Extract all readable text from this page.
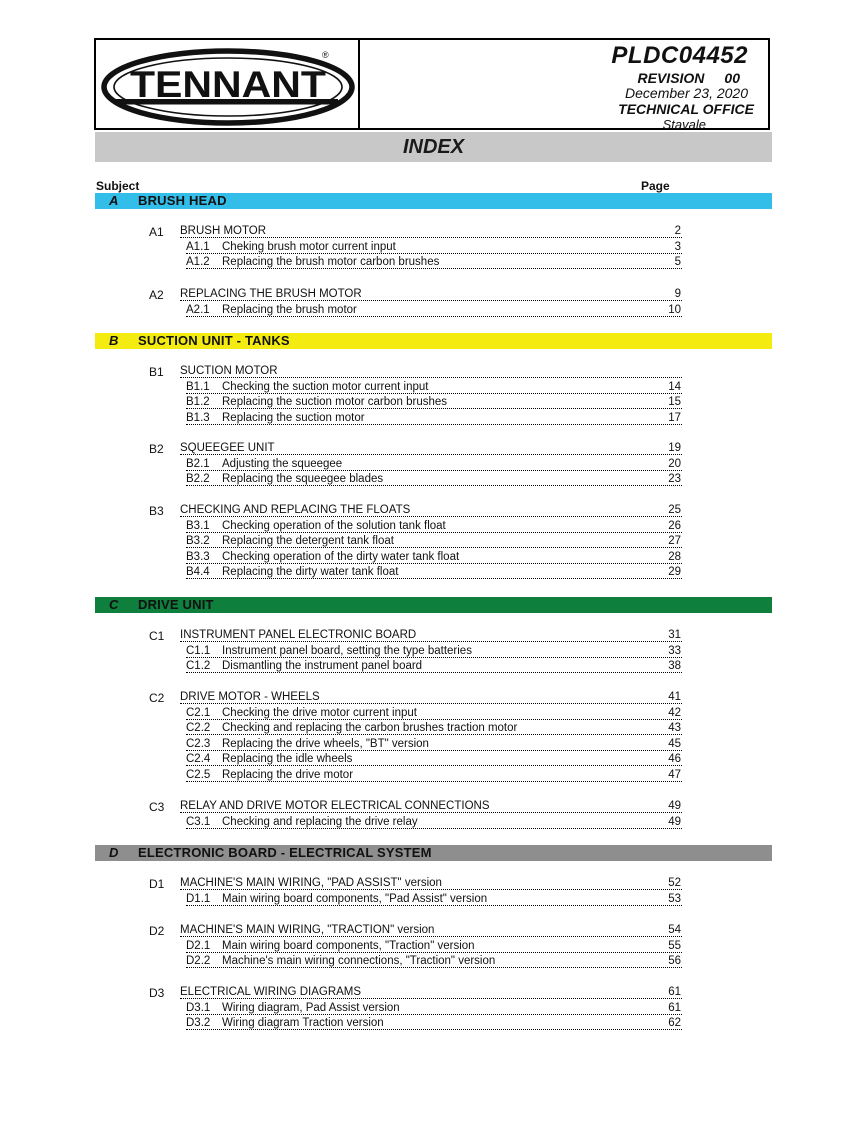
TENNANT
®	PLDC04452
REVISION 00
December 23, 2020
TECHNICAL OFFICE
Stavale
INDEX
Subject	Page
A BRUSH HEAD
A1 BRUSH MOTOR	2
A1.1 Cheking brush motor current input	3
A1.2 Replacing the brush motor carbon brushes	5
A2 REPLACING THE BRUSH MOTOR	9
A2.1 Replacing the brush motor	10
B SUCTION UNIT - TANKS
B1 SUCTION MOTOR
B1.1 Checking the suction motor current input	14
B1.2 Replacing the suction motor carbon brushes	15
B1.3 Replacing the suction motor	17
B2 SQUEEGEE UNIT	19
B2.1 Adjusting the squeegee	20
B2.2 Replacing the squeegee blades	23
B3 CHECKING AND REPLACING THE FLOATS	25
B3.1 Checking operation of the solution tank float	26
B3.2 Replacing the detergent tank float	27
B3.3 Checking operation of the dirty water tank float	28
B4.4 Replacing the dirty water tank float	29
C DRIVE UNIT
C1 INSTRUMENT PANEL ELECTRONIC BOARD	31
C1.1 Instrument panel board, setting the type batteries	33
C1.2 Dismantling the instrument panel board	38
C2 DRIVE MOTOR - WHEELS	41
C2.1 Checking the drive motor current input	42
C2.2 Checking and replacing the carbon brushes traction motor	43
C2.3 Replacing the drive wheels, "BT" version	45
C2.4 Replacing the idle wheels	46
C2.5 Replacing the drive motor	47
C3 RELAY AND DRIVE MOTOR ELECTRICAL CONNECTIONS	49
C3.1 Checking and replacing the drive relay	49
D ELECTRONIC BOARD - ELECTRICAL SYSTEM
D1 MACHINE'S MAIN WIRING, "PAD ASSIST" version	52
D1.1 Main wiring board components, "Pad Assist" version	53
D2 MACHINE'S MAIN WIRING, "TRACTION" version	54
D2.1 Main wiring board components, "Traction" version	55
D2.2 Machine's main wiring connections, "Traction" version	56
D3 ELECTRICAL WIRING DIAGRAMS	61
D3.1 Wiring diagram, Pad Assist version	61
D3.2 Wiring diagram Traction version	62
